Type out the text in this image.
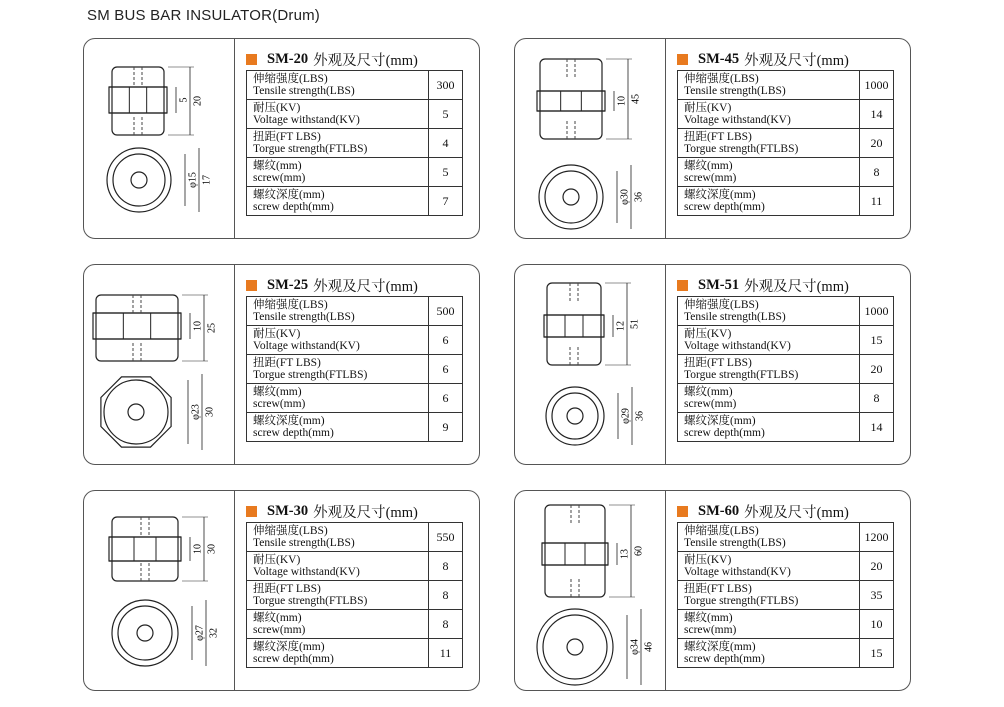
SM BUS BAR INSULATOR(Drum)
5 20
φ15 17
SM-20 外观及尺寸(mm)
伸缩强度(LBS)
Tensile strength(LBS)	300

耐压(KV)
Voltage withstand(KV)	5

扭距(FT LBS)
Torgue strength(FTLBS)	4

螺纹(mm)
screw(mm)	5

螺纹深度(mm)
screw depth(mm)	7
10 45
φ30 36
SM-45 外观及尺寸(mm)
伸缩强度(LBS)
Tensile strength(LBS)	1000

耐压(KV)
Voltage withstand(KV)	14

扭距(FT LBS)
Torgue strength(FTLBS)	20

螺纹(mm)
screw(mm)	8

螺纹深度(mm)
screw depth(mm)	11
10 25
φ23 30
SM-25 外观及尺寸(mm)
伸缩强度(LBS)
Tensile strength(LBS)	500

耐压(KV)
Voltage withstand(KV)	6

扭距(FT LBS)
Torgue strength(FTLBS)	6

螺纹(mm)
screw(mm)	6

螺纹深度(mm)
screw depth(mm)	9
12 51
φ29 36
SM-51 外观及尺寸(mm)
伸缩强度(LBS)
Tensile strength(LBS)	1000

耐压(KV)
Voltage withstand(KV)	15

扭距(FT LBS)
Torgue strength(FTLBS)	20

螺纹(mm)
screw(mm)	8

螺纹深度(mm)
screw depth(mm)	14
10 30
φ27 32
SM-30 外观及尺寸(mm)
伸缩强度(LBS)
Tensile strength(LBS)	550

耐压(KV)
Voltage withstand(KV)	8

扭距(FT LBS)
Torgue strength(FTLBS)	8

螺纹(mm)
screw(mm)	8

螺纹深度(mm)
screw depth(mm)	11
13 60
φ34 46
SM-60 外观及尺寸(mm)
伸缩强度(LBS)
Tensile strength(LBS)	1200

耐压(KV)
Voltage withstand(KV)	20

扭距(FT LBS)
Torgue strength(FTLBS)	35

螺纹(mm)
screw(mm)	10

螺纹深度(mm)
screw depth(mm)	15
